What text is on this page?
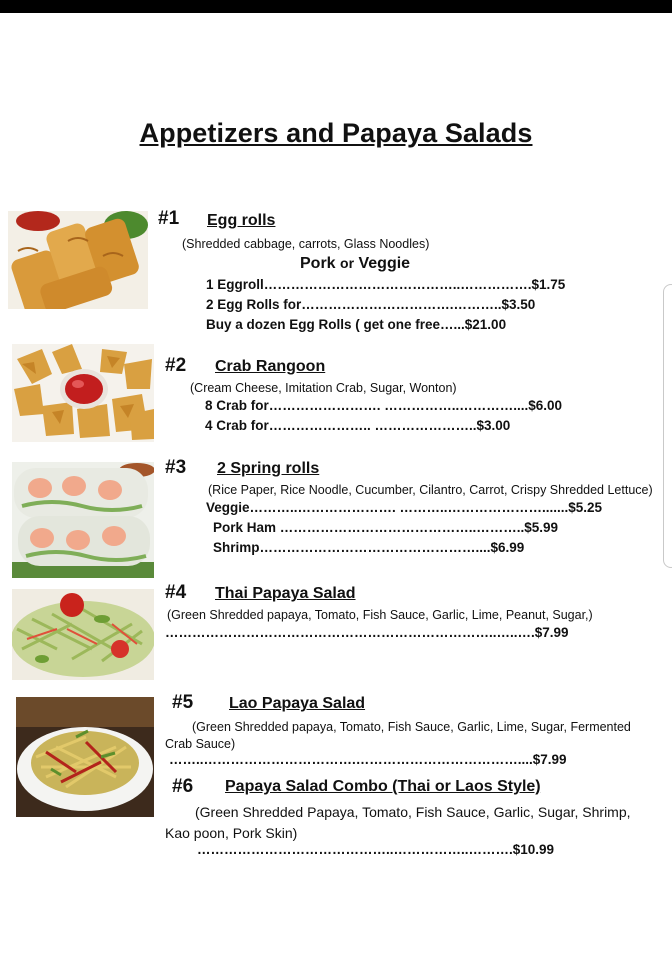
Appetizers and Papaya Salads
#1 Egg rolls
(Shredded cabbage, carrots, Glass Noodles)
Pork or Veggie
1 Eggroll……………………………………..…………….$1.75
2 Egg Rolls for…………………………….………..$3.50
Buy a dozen Egg Rolls ( get one free…...$21.00
#2 Crab Rangoon
(Cream Cheese, Imitation Crab, Sugar, Wonton)
8 Crab for……………………. ……………..…………....$6.00
4 Crab for………………….. …………………..$3.00
#3 2 Spring rolls
(Rice Paper, Rice Noodle, Cucumber, Cilantro, Carrot, Crispy Shredded Lettuce)
Veggie………..…………………. ………..………………….......$5.25
Pork Ham ……………………………………..………..$5.99
Shrimp…………………………………………....$6.99
#4 Thai Papaya Salad
(Green Shredded papaya, Tomato, Fish Sauce, Garlic, Lime, Peanut, Sugar,)
………………………………………………………………..…..….$7.99
#5 Lao Papaya Salad
(Green Shredded papaya, Tomato, Fish Sauce, Garlic, Lime, Sugar, Fermented Crab Sauce)
……..…………………………….………………………………....$7.99
#6 Papaya Salad Combo (Thai or Laos Style)
(Green Shredded Papaya, Tomato, Fish Sauce, Garlic, Sugar, Shrimp, Kao poon, Pork Skin)
……………………………………..……………..……….$10.99
